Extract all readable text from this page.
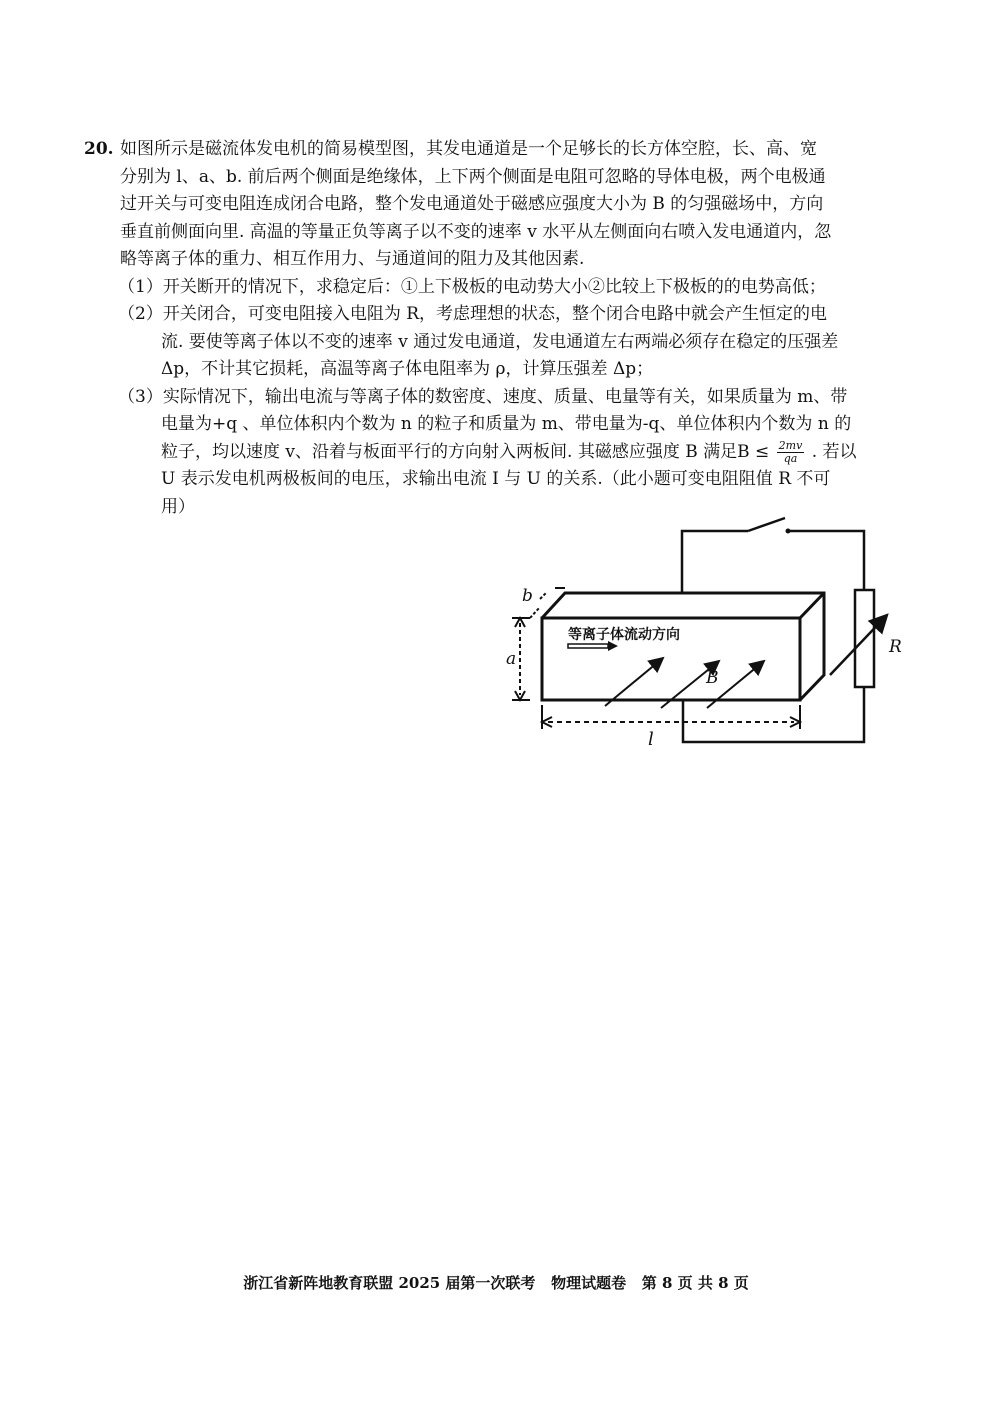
20. 如图所示是磁流体发电机的简易模型图，其发电通道是一个足够长的长方体空腔，长、高、宽
分别为 l、a、b. 前后两个侧面是绝缘体，上下两个侧面是电阻可忽略的导体电极，两个电极通
过开关与可变电阻连成闭合电路，整个发电通道处于磁感应强度大小为 B 的匀强磁场中，方向
垂直前侧面向里. 高温的等量正负等离子以不变的速率 v 水平从左侧面向右喷入发电通道内，忽
略等离子体的重力、相互作用力、与通道间的阻力及其他因素.
（1）开关断开的情况下，求稳定后：①上下极板的电动势大小②比较上下极板的的电势高低；
（2）开关闭合，可变电阻接入电阻为 R，考虑理想的状态，整个闭合电路中就会产生恒定的电
流. 要使等离子体以不变的速率 v 通过发电通道，发电通道左右两端必须存在稳定的压强差
Δp，不计其它损耗，高温等离子体电阻率为 ρ，计算压强差 Δp；
（3）实际情况下，输出电流与等离子体的数密度、速度、质量、电量等有关，如果质量为 m、带
电量为+q 、单位体积内个数为 n 的粒子和质量为 m、带电量为-q、单位体积内个数为 n 的
粒子，均以速度 v、沿着与板面平行的方向射入两板间. 其磁感应强度 B 满足$B \le \frac{2mv}{qa}$ . 若以
U 表示发电机两极板间的电压，求输出电流 I 与 U 的关系.（此小题可变电阻阻值 R 不可
用）
等离子体流动方向
B
R
a
b
l
浙江省新阵地教育联盟 2025 届第一次联考   物理试题卷   第 8 页 共 8 页
